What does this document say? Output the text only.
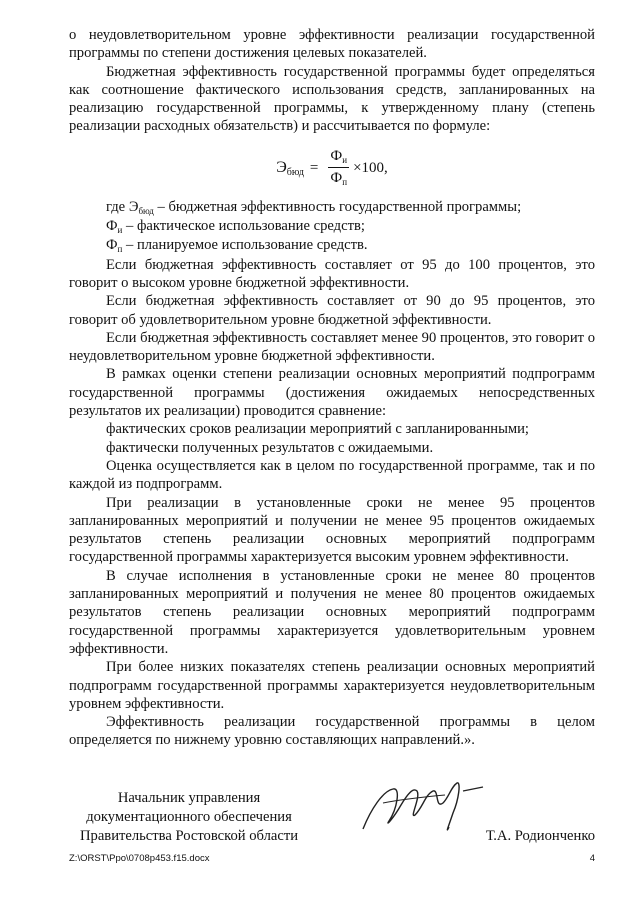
о неудовлетворительном уровне эффективности реализации государственной программы по степени достижения целевых показателей.

Бюджетная эффективность государственной программы будет определяться как соотношение фактического использования средств, запланированных на реализацию государственной программы, к утвержденному плану (степень реализации расходных обязательств) и рассчитывается по формуле:

Э бюд = $\frac{Ф_и}{Ф_п} \times 100$,

где $Э_{бюд}$ – бюджетная эффективность государственной программы;

$Ф_и$ – фактическое использование средств;

$Ф_п$ – планируемое использование средств.

Если бюджетная эффективность составляет от 95 до 100 процентов, это говорит о высоком уровне бюджетной эффективности.

Если бюджетная эффективность составляет от 90 до 95 процентов, это говорит об удовлетворительном уровне бюджетной эффективности.

Если бюджетная эффективность составляет менее 90 процентов, это говорит о неудовлетворительном уровне бюджетной эффективности.

В рамках оценки степени реализации основных мероприятий подпрограмм государственной программы (достижения ожидаемых непосредственных результатов их реализации) проводится сравнение:

фактических сроков реализации мероприятий с запланированными;

фактически полученных результатов с ожидаемыми.

Оценка осуществляется как в целом по государственной программе, так и по каждой из подпрограмм.

При реализации в установленные сроки не менее 95 процентов запланированных мероприятий и получении не менее 95 процентов ожидаемых результатов степень реализации основных мероприятий подпрограмм государственной программы характеризуется высоким уровнем эффективности.

В случае исполнения в установленные сроки не менее 80 процентов запланированных мероприятий и получения не менее 80 процентов ожидаемых результатов степень реализации основных мероприятий подпрограмм государственной программы характеризуется удовлетворительным уровнем эффективности.

При более низких показателях степень реализации основных мероприятий подпрограмм государственной программы характеризуется неудовлетворительным уровнем эффективности.

Эффективность реализации государственной программы в целом определяется по нижнему уровню составляющих направлений.».

Начальник управления
документационного обеспечения
Правительства Ростовской области	Т.А. Родионченко
Z:\ORST\Ppo\0708p453.f15.docx	4
